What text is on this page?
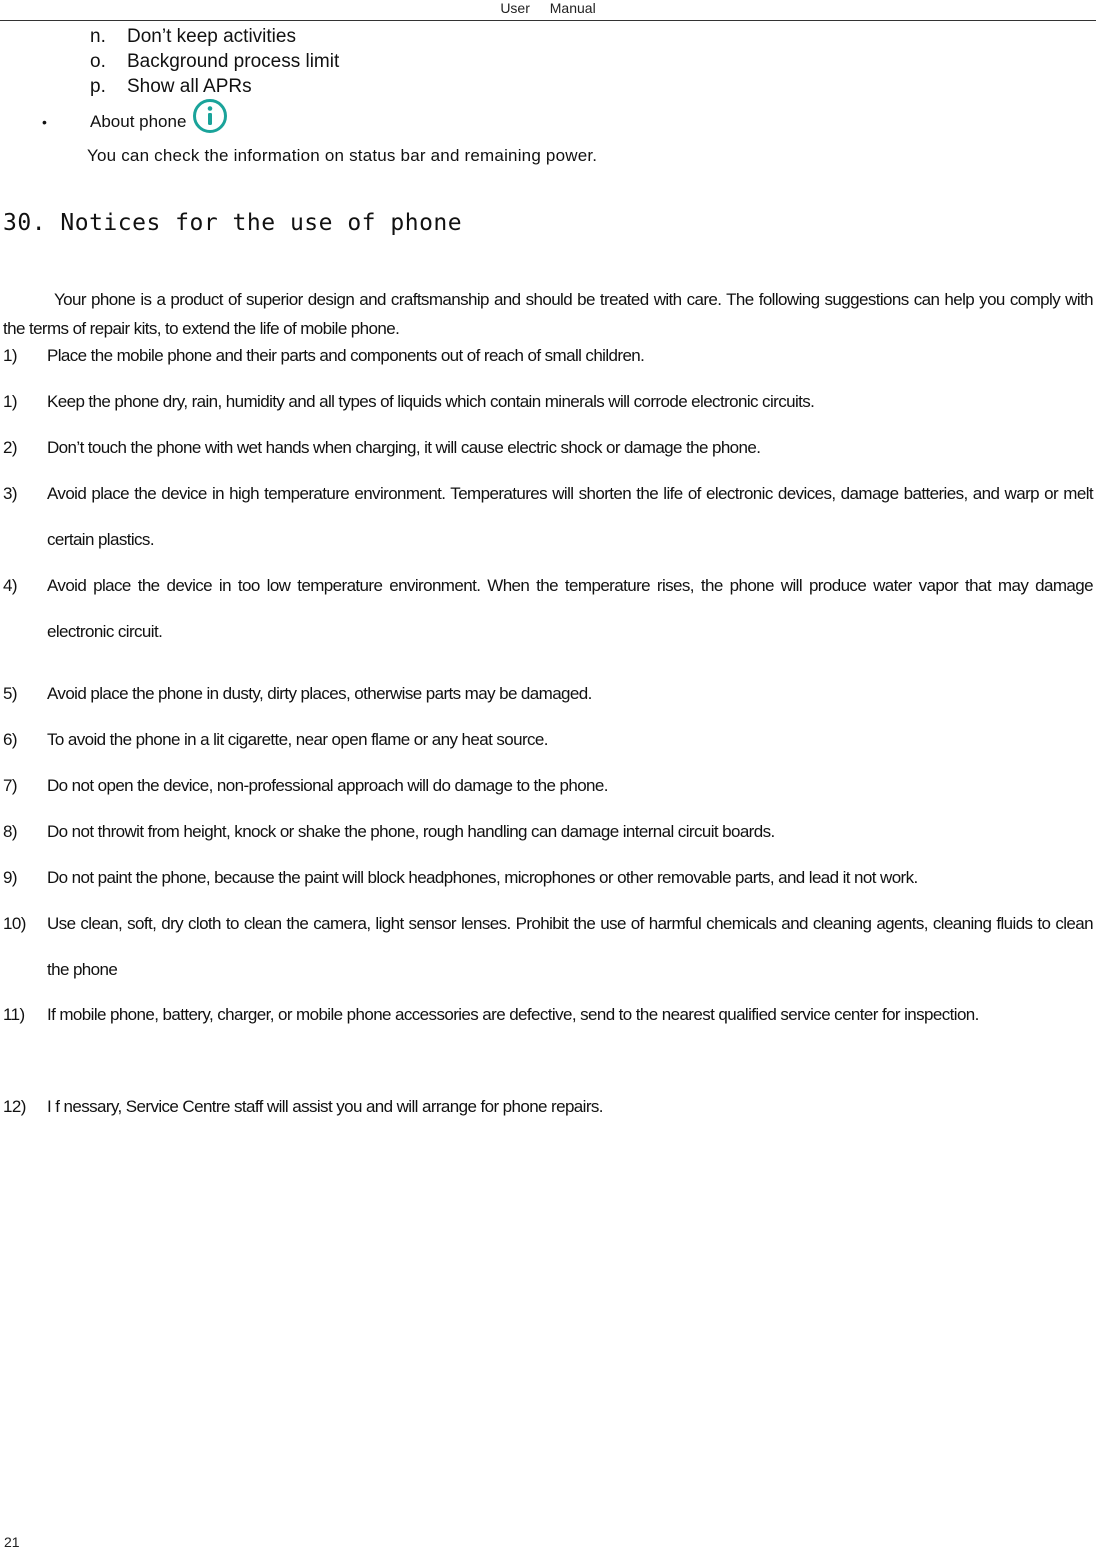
User Manual
n.	Don’t keep activities
o.	Background process limit
p.	Show all APRs
•	About phone
You can check the information on status bar and remaining power.
30. Notices for the use of phone

Your phone is a product of superior design and craftsmanship and should be treated with care. The following suggestions can help you comply with the terms of repair kits, to extend the life of mobile phone.

1)	Place the mobile phone and their parts and components out of reach of small children.
1)	Keep the phone dry, rain, humidity and all types of liquids which contain minerals will corrode electronic circuits.
2)	Don’t touch the phone with wet hands when charging, it will cause electric shock or damage the phone.
3)	Avoid place the device in high temperature environment. Temperatures will shorten the life of electronic devices, damage batteries, and warp or melt certain plastics.
4)	Avoid place the device in too low temperature environment. When the temperature rises, the phone will produce water vapor that may damage electronic circuit.
5)	Avoid place the phone in dusty, dirty places, otherwise parts may be damaged.
6)	To avoid the phone in a lit cigarette, near open flame or any heat source.
7)	Do not open the device, non-professional approach will do damage to the phone.
8)	Do not throwit from height, knock or shake the phone, rough handling can damage internal circuit boards.
9)	Do not paint the phone, because the paint will block headphones, microphones or other removable parts, and lead it not work.
10)	Use clean, soft, dry cloth to clean the camera, light sensor lenses. Prohibit the use of harmful chemicals and cleaning agents, cleaning fluids to clean the phone
11)	If mobile phone, battery, charger, or mobile phone accessories are defective, send to the nearest qualified service center for inspection.
12)	I f nessary, Service Centre staff will assist you and will arrange for phone repairs.
21
